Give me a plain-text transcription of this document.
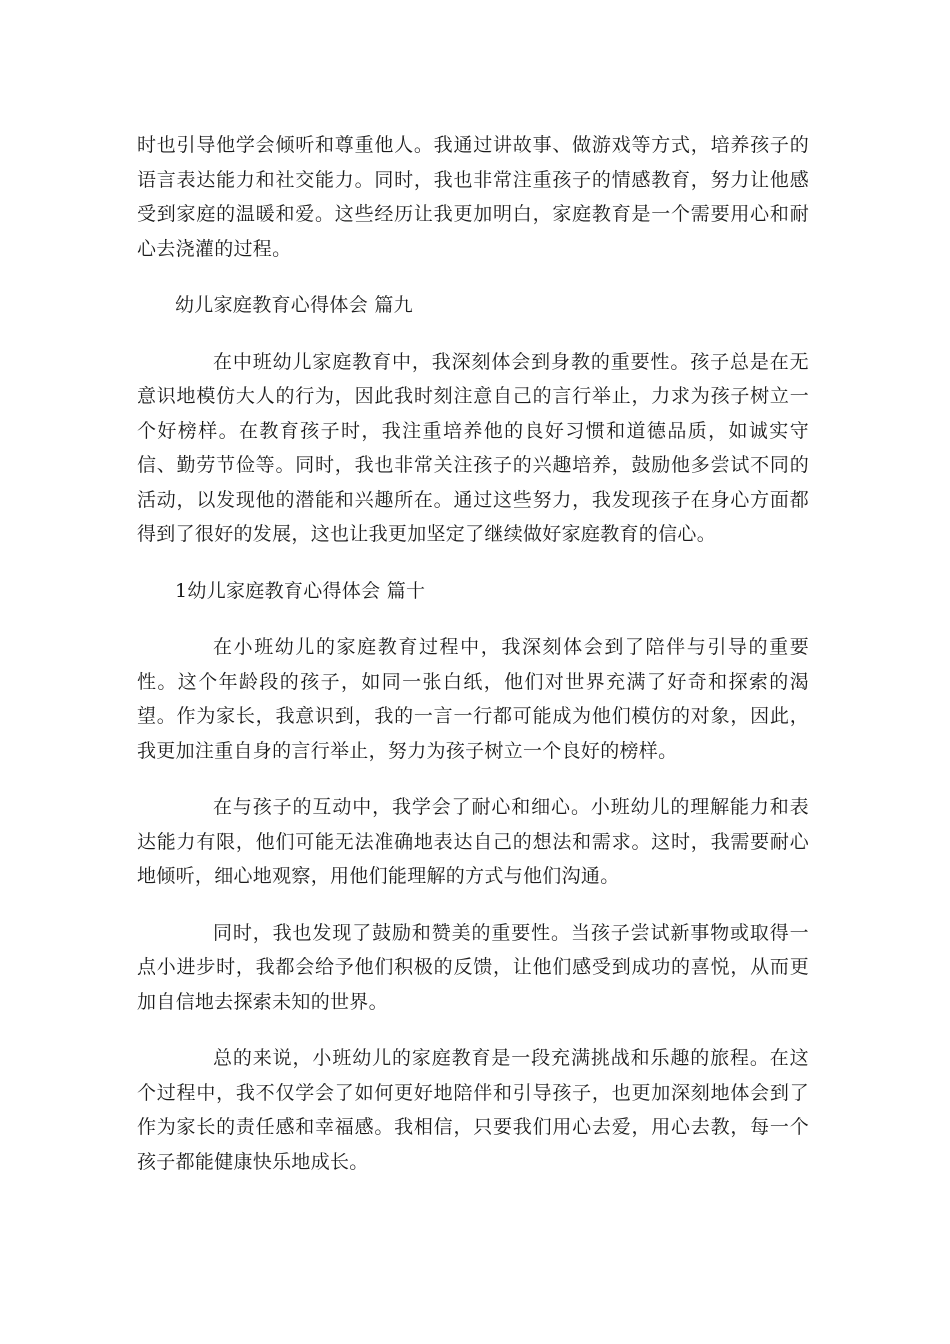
时也引导他学会倾听和尊重他人。我通过讲故事、做游戏等方式，培养孩子的语言表达能力和社交能力。同时，我也非常注重孩子的情感教育，努力让他感受到家庭的温暖和爱。这些经历让我更加明白，家庭教育是一个需要用心和耐心去浇灌的过程。

幼儿家庭教育心得体会 篇九

在中班幼儿家庭教育中，我深刻体会到身教的重要性。孩子总是在无意识地模仿大人的行为，因此我时刻注意自己的言行举止，力求为孩子树立一个好榜样。在教育孩子时，我注重培养他的良好习惯和道德品质，如诚实守信、勤劳节俭等。同时，我也非常关注孩子的兴趣培养，鼓励他多尝试不同的活动，以发现他的潜能和兴趣所在。通过这些努力，我发现孩子在身心方面都得到了很好的发展，这也让我更加坚定了继续做好家庭教育的信心。

1幼儿家庭教育心得体会 篇十

在小班幼儿的家庭教育过程中，我深刻体会到了陪伴与引导的重要性。这个年龄段的孩子，如同一张白纸，他们对世界充满了好奇和探索的渴望。作为家长，我意识到，我的一言一行都可能成为他们模仿的对象，因此，我更加注重自身的言行举止，努力为孩子树立一个良好的榜样。

在与孩子的互动中，我学会了耐心和细心。小班幼儿的理解能力和表达能力有限，他们可能无法准确地表达自己的想法和需求。这时，我需要耐心地倾听，细心地观察，用他们能理解的方式与他们沟通。

同时，我也发现了鼓励和赞美的重要性。当孩子尝试新事物或取得一点小进步时，我都会给予他们积极的反馈，让他们感受到成功的喜悦，从而更加自信地去探索未知的世界。

总的来说，小班幼儿的家庭教育是一段充满挑战和乐趣的旅程。在这个过程中，我不仅学会了如何更好地陪伴和引导孩子，也更加深刻地体会到了作为家长的责任感和幸福感。我相信，只要我们用心去爱，用心去教，每一个孩子都能健康快乐地成长。
